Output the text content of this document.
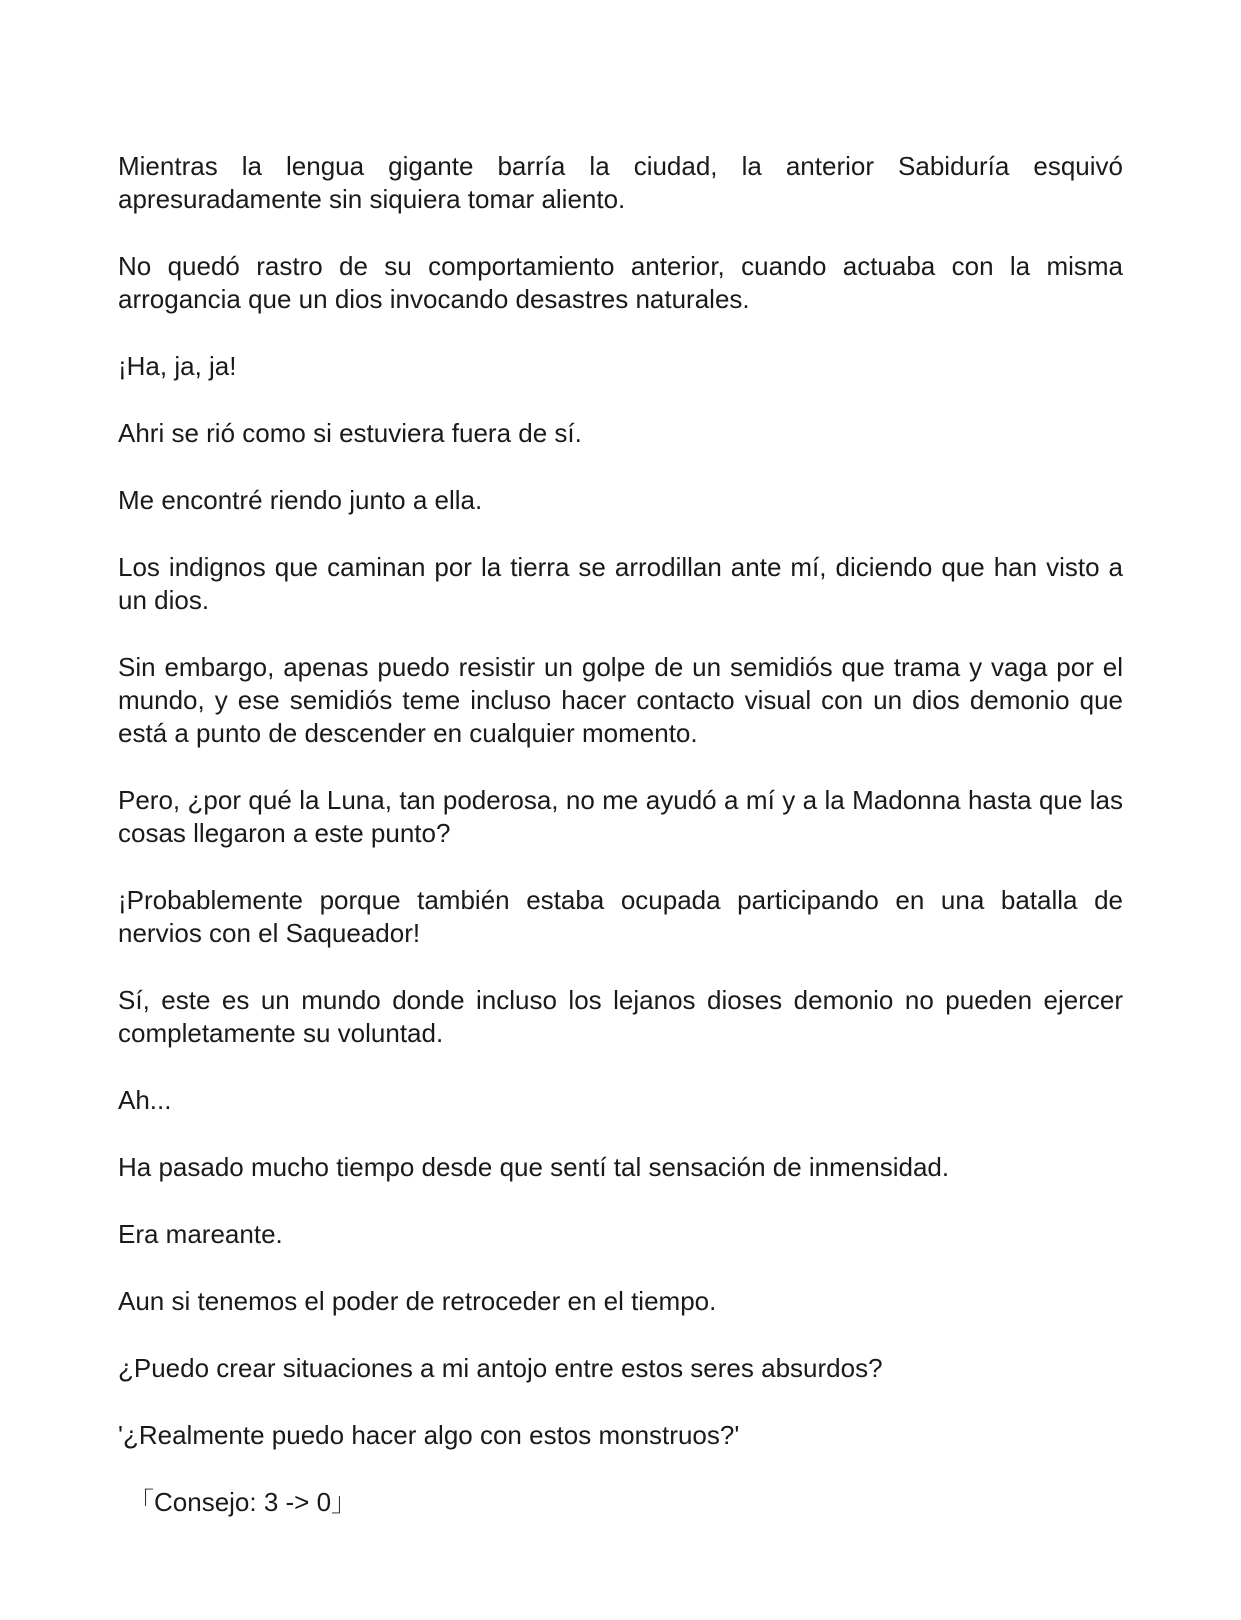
Mientras la lengua gigante barría la ciudad, la anterior Sabiduría esquivó apresuradamente sin siquiera tomar aliento.

No quedó rastro de su comportamiento anterior, cuando actuaba con la misma arrogancia que un dios invocando desastres naturales.

¡Ha, ja, ja!

Ahri se rió como si estuviera fuera de sí.

Me encontré riendo junto a ella.

Los indignos que caminan por la tierra se arrodillan ante mí, diciendo que han visto a un dios.

Sin embargo, apenas puedo resistir un golpe de un semidiós que trama y vaga por el mundo, y ese semidiós teme incluso hacer contacto visual con un dios demonio que está a punto de descender en cualquier momento.

Pero, ¿por qué la Luna, tan poderosa, no me ayudó a mí y a la Madonna hasta que las cosas llegaron a este punto?

¡Probablemente porque también estaba ocupada participando en una batalla de nervios con el Saqueador!

Sí, este es un mundo donde incluso los lejanos dioses demonio no pueden ejercer completamente su voluntad.

Ah...

Ha pasado mucho tiempo desde que sentí tal sensación de inmensidad.

Era mareante.

Aun si tenemos el poder de retroceder en el tiempo.

¿Puedo crear situaciones a mi antojo entre estos seres absurdos?

'¿Realmente puedo hacer algo con estos monstruos?'

「Consejo: 3 -> 0」
